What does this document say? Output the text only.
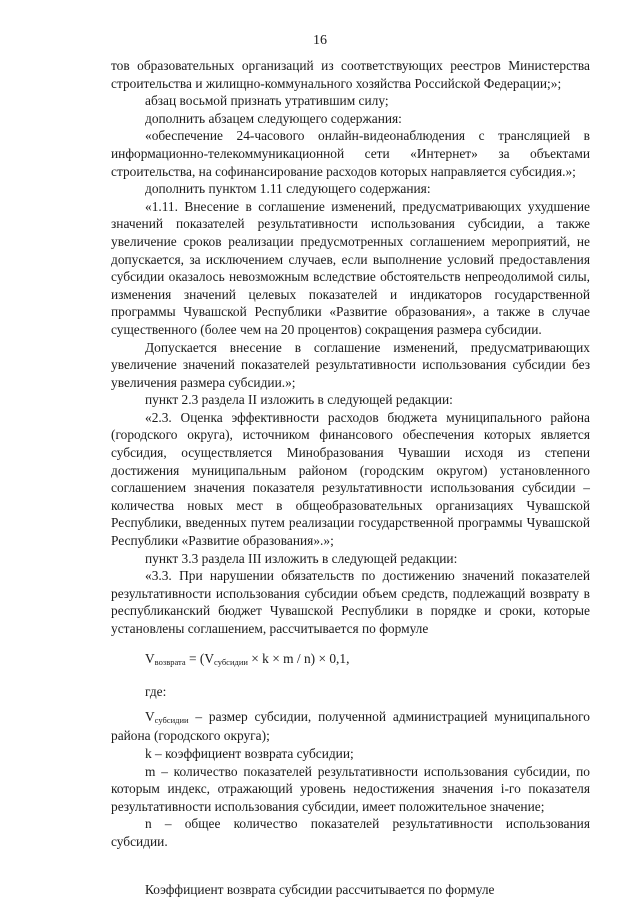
16

тов образовательных организаций из соответствующих реестров Министерства строительства и жилищно-коммунального хозяйства Российской Федерации;»;

абзац восьмой признать утратившим силу;

дополнить абзацем следующего содержания:

«обеспечение 24-часового онлайн-видеонаблюдения с трансляцией в информационно-телекоммуникационной сети «Интернет» за объектами строительства, на софинансирование расходов которых направляется субсидия.»;

дополнить пунктом 1.11 следующего содержания:

«1.11. Внесение в соглашение изменений, предусматривающих ухудшение значений показателей результативности использования субсидии, а также увеличение сроков реализации предусмотренных соглашением мероприятий, не допускается, за исключением случаев, если выполнение условий предоставления субсидии оказалось невозможным вследствие обстоятельств непреодолимой силы, изменения значений целевых показателей и индикаторов государственной программы Чувашской Республики «Развитие образования», а также в случае существенного (более чем на 20 процентов) сокращения размера субсидии.

Допускается внесение в соглашение изменений, предусматривающих увеличение значений показателей результативности использования субсидии без увеличения размера субсидии.»;

пункт 2.3 раздела II изложить в следующей редакции:

«2.3. Оценка эффективности расходов бюджета муниципального района (городского округа), источником финансового обеспечения которых является субсидия, осуществляется Минобразования Чувашии исходя из степени достижения муниципальным районом (городским округом) установленного соглашением значения показателя результативности использования субсидии – количества новых мест в общеобразовательных организациях Чувашской Республики, введенных путем реализации государственной программы Чувашской Республики «Развитие образования».»;

пункт 3.3 раздела III изложить в следующей редакции:

«3.3. При нарушении обязательств по достижению значений показателей результативности использования субсидии объем средств, подлежащий возврату в республиканский бюджет Чувашской Республики в порядке и сроки, которые установлены соглашением, рассчитывается по формуле

Vвозврата = (Vсубсидии × k × m / n) × 0,1,

где:

Vсубсидии – размер субсидии, полученной администрацией муниципального района (городского округа);

k – коэффициент возврата субсидии;

m – количество показателей результативности использования субсидии, по которым индекс, отражающий уровень недостижения значения i-го показателя результативности использования субсидии, имеет положительное значение;

n – общее количество показателей результативности использования субсидии.

Коэффициент возврата субсидии рассчитывается по формуле
